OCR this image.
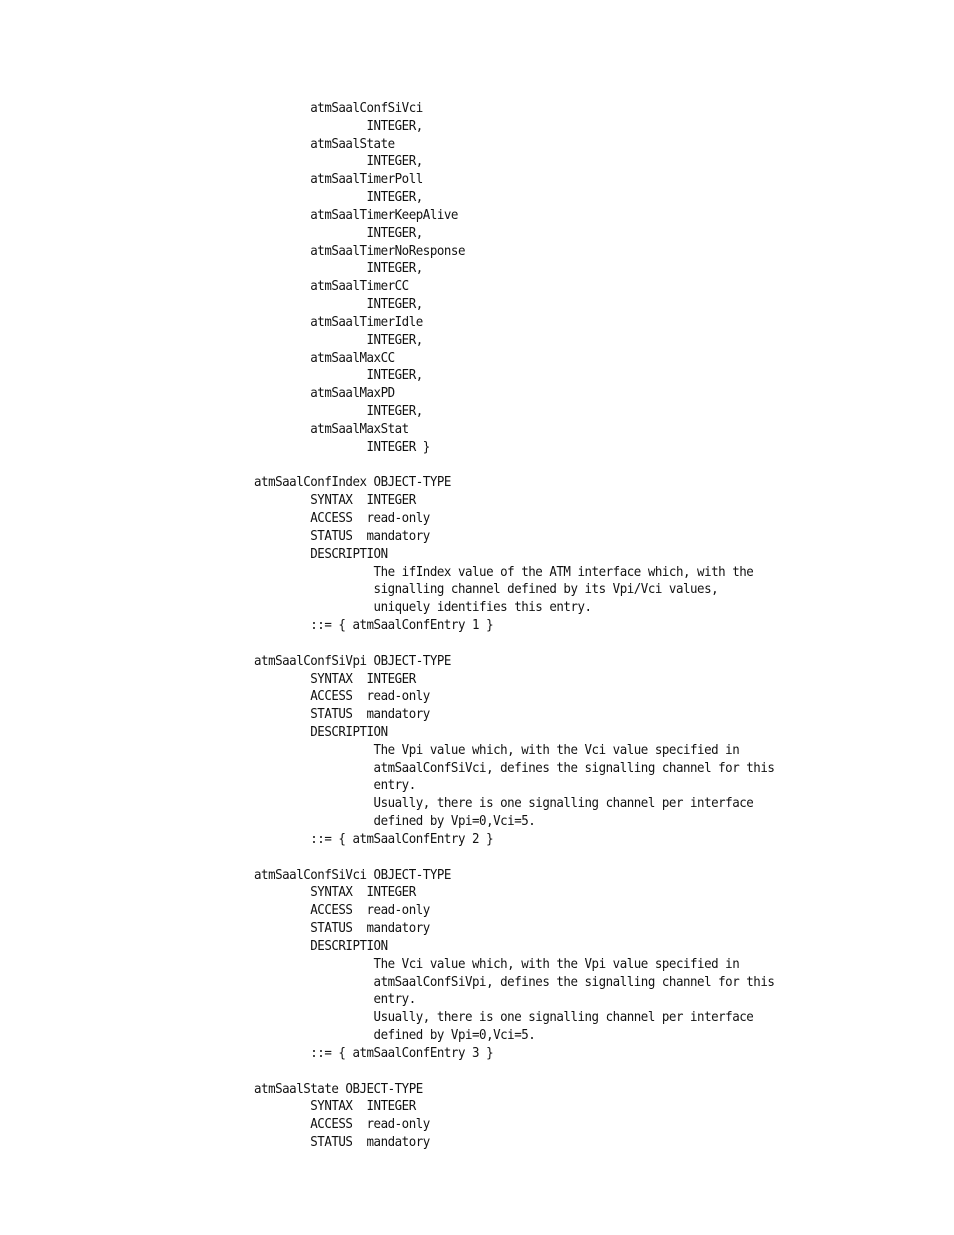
atmSaalConfSiVci
INTEGER,
atmSaalState
INTEGER,
atmSaalTimerPoll
INTEGER,
atmSaalTimerKeepAlive
INTEGER,
atmSaalTimerNoResponse
INTEGER,
atmSaalTimerCC
INTEGER,
atmSaalTimerIdle
INTEGER,
atmSaalMaxCC
INTEGER,
atmSaalMaxPD
INTEGER,
atmSaalMaxStat
INTEGER }
atmSaalConfIndex OBJECT-TYPE
SYNTAX  INTEGER
ACCESS  read-only
STATUS  mandatory
DESCRIPTION
The ifIndex value of the ATM interface which, with the
signalling channel defined by its Vpi/Vci values,
uniquely identifies this entry.
::= { atmSaalConfEntry 1 }
atmSaalConfSiVpi OBJECT-TYPE
SYNTAX  INTEGER
ACCESS  read-only
STATUS  mandatory
DESCRIPTION
The Vpi value which, with the Vci value specified in
atmSaalConfSiVci, defines the signalling channel for this
entry.
Usually, there is one signalling channel per interface
defined by Vpi=0,Vci=5.
::= { atmSaalConfEntry 2 }
atmSaalConfSiVci OBJECT-TYPE
SYNTAX  INTEGER
ACCESS  read-only
STATUS  mandatory
DESCRIPTION
The Vci value which, with the Vpi value specified in
atmSaalConfSiVpi, defines the signalling channel for this
entry.
Usually, there is one signalling channel per interface
defined by Vpi=0,Vci=5.
::= { atmSaalConfEntry 3 }
atmSaalState OBJECT-TYPE
SYNTAX  INTEGER
ACCESS  read-only
STATUS  mandatory
